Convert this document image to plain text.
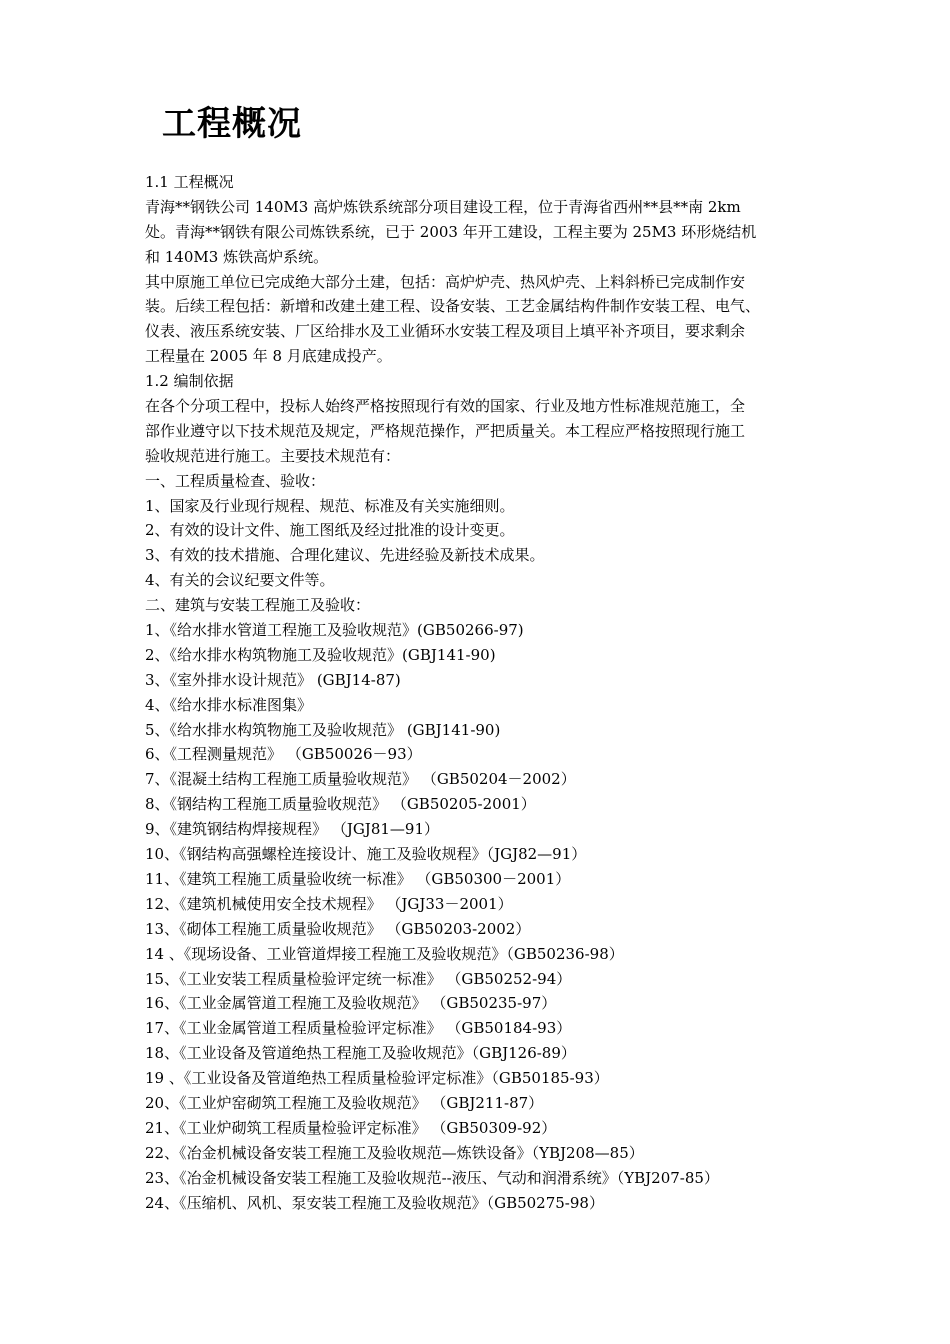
工程概况
1.1 工程概况
青海**钢铁公司 140M3 高炉炼铁系统部分项目建设工程，位于青海省西州**县**南 2km
处。青海**钢铁有限公司炼铁系统，已于 2003 年开工建设，工程主要为 25M3 环形烧结机
和 140M3 炼铁高炉系统。
其中原施工单位已完成绝大部分土建，包括：高炉炉壳、热风炉壳、上料斜桥已完成制作安
装。后续工程包括：新增和改建土建工程、设备安装、工艺金属结构件制作安装工程、电气、
仪表、液压系统安装、厂区给排水及工业循环水安装工程及项目上填平补齐项目，要求剩余
工程量在 2005 年 8 月底建成投产。
1.2 编制依据
在各个分项工程中，投标人始终严格按照现行有效的国家、行业及地方性标准规范施工，全
部作业遵守以下技术规范及规定，严格规范操作，严把质量关。本工程应严格按照现行施工
验收规范进行施工。主要技术规范有：
一、工程质量检查、验收：
1、国家及行业现行规程、规范、标准及有关实施细则。
2、有效的设计文件、施工图纸及经过批准的设计变更。
3、有效的技术措施、合理化建议、先进经验及新技术成果。
4、有关的会议纪要文件等。
二、建筑与安装工程施工及验收：
1、《给水排水管道工程施工及验收规范》(GB50266-97)
2、《给水排水构筑物施工及验收规范》(GBJ141-90)
3、《室外排水设计规范》 (GBJ14-87)
4、《给水排水标准图集》
5、《给水排水构筑物施工及验收规范》 (GBJ141-90)
6、《工程测量规范》 （GB50026－93）
7、《混凝土结构工程施工质量验收规范》 （GB50204－2002）
8、《钢结构工程施工质量验收规范》 （GB50205-2001）
9、《建筑钢结构焊接规程》 （JGJ81—91）
10、《钢结构高强螺栓连接设计、施工及验收规程》（JGJ82—91）
11、《建筑工程施工质量验收统一标准》 （GB50300－2001）
12、《建筑机械使用安全技术规程》 （JGJ33－2001）
13、《砌体工程施工质量验收规范》 （GB50203-2002）
14 、《现场设备、工业管道焊接工程施工及验收规范》（GB50236-98）
15、《工业安装工程质量检验评定统一标准》 （GB50252-94）
16、《工业金属管道工程施工及验收规范》 （GB50235-97）
17、《工业金属管道工程质量检验评定标准》 （GB50184-93）
18、《工业设备及管道绝热工程施工及验收规范》（GBJ126-89）
19 、《工业设备及管道绝热工程质量检验评定标准》（GB50185-93）
20、《工业炉窑砌筑工程施工及验收规范》 （GBJ211-87）
21、《工业炉砌筑工程质量检验评定标准》 （GB50309-92）
22、《冶金机械设备安装工程施工及验收规范—炼铁设备》（YBJ208—85）
23、《冶金机械设备安装工程施工及验收规范--液压、气动和润滑系统》（YBJ207-85）
24、《压缩机、风机、泵安装工程施工及验收规范》（GB50275-98）
